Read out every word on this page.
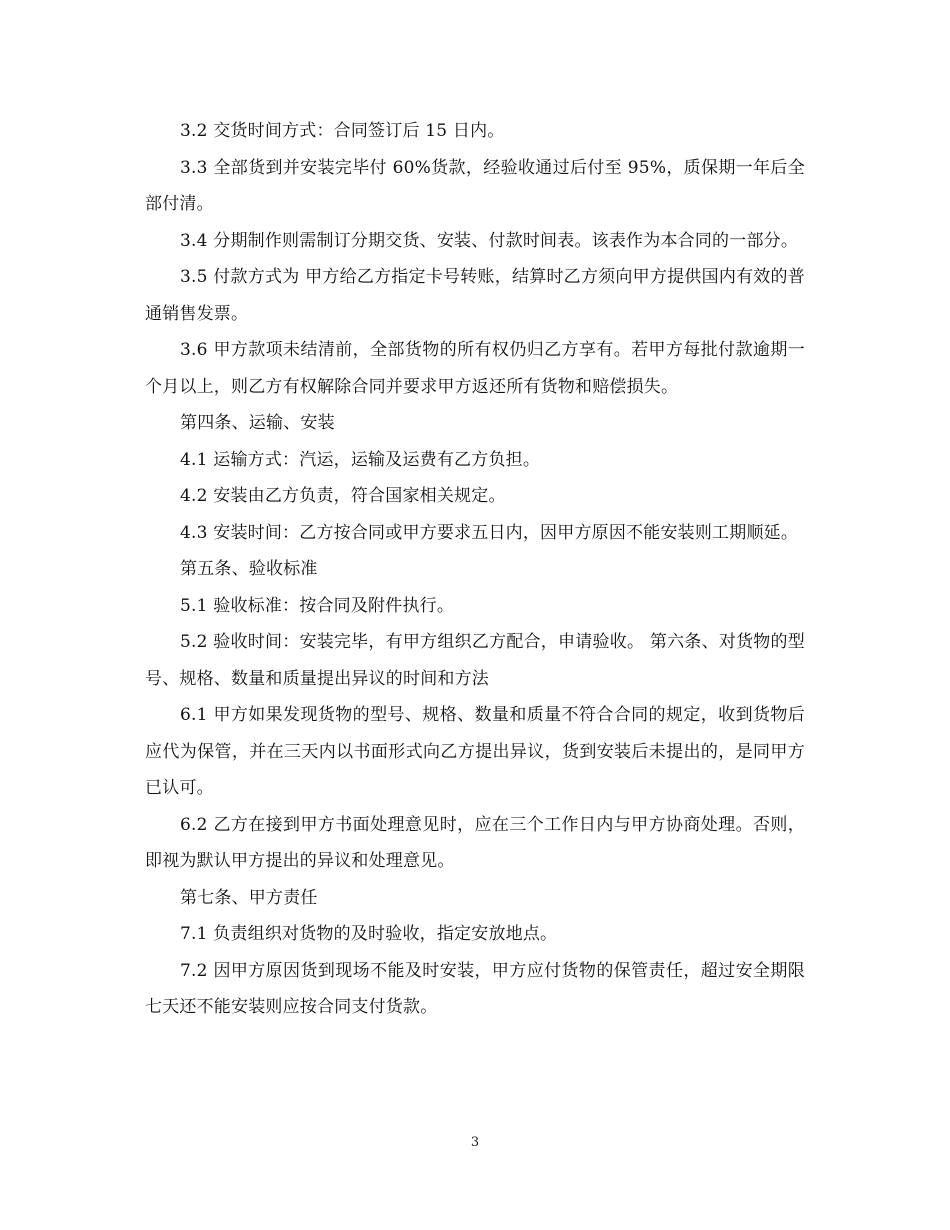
3.2 交货时间方式：合同签订后 15 日内。

3.3 全部货到并安装完毕付 60%货款，经验收通过后付至 95%，质保期一年后全部付清。

3.4 分期制作则需制订分期交货、安装、付款时间表。该表作为本合同的一部分。

3.5 付款方式为 甲方给乙方指定卡号转账，结算时乙方须向甲方提供国内有效的普通销售发票。

3.6 甲方款项未结清前，全部货物的所有权仍归乙方享有。若甲方每批付款逾期一个月以上，则乙方有权解除合同并要求甲方返还所有货物和赔偿损失。

第四条、运输、安装

4.1 运输方式：汽运，运输及运费有乙方负担。

4.2 安装由乙方负责，符合国家相关规定。

4.3 安装时间：乙方按合同或甲方要求五日内，因甲方原因不能安装则工期顺延。

第五条、验收标准

5.1 验收标准：按合同及附件执行。

5.2 验收时间：安装完毕，有甲方组织乙方配合，申请验收。 第六条、对货物的型号、规格、数量和质量提出异议的时间和方法

6.1 甲方如果发现货物的型号、规格、数量和质量不符合合同的规定，收到货物后应代为保管，并在三天内以书面形式向乙方提出异议，货到安装后未提出的，是同甲方已认可。

6.2 乙方在接到甲方书面处理意见时，应在三个工作日内与甲方协商处理。否则，即视为默认甲方提出的异议和处理意见。

第七条、甲方责任

7.1 负责组织对货物的及时验收，指定安放地点。

7.2 因甲方原因货到现场不能及时安装，甲方应付货物的保管责任，超过安全期限七天还不能安装则应按合同支付货款。

3
